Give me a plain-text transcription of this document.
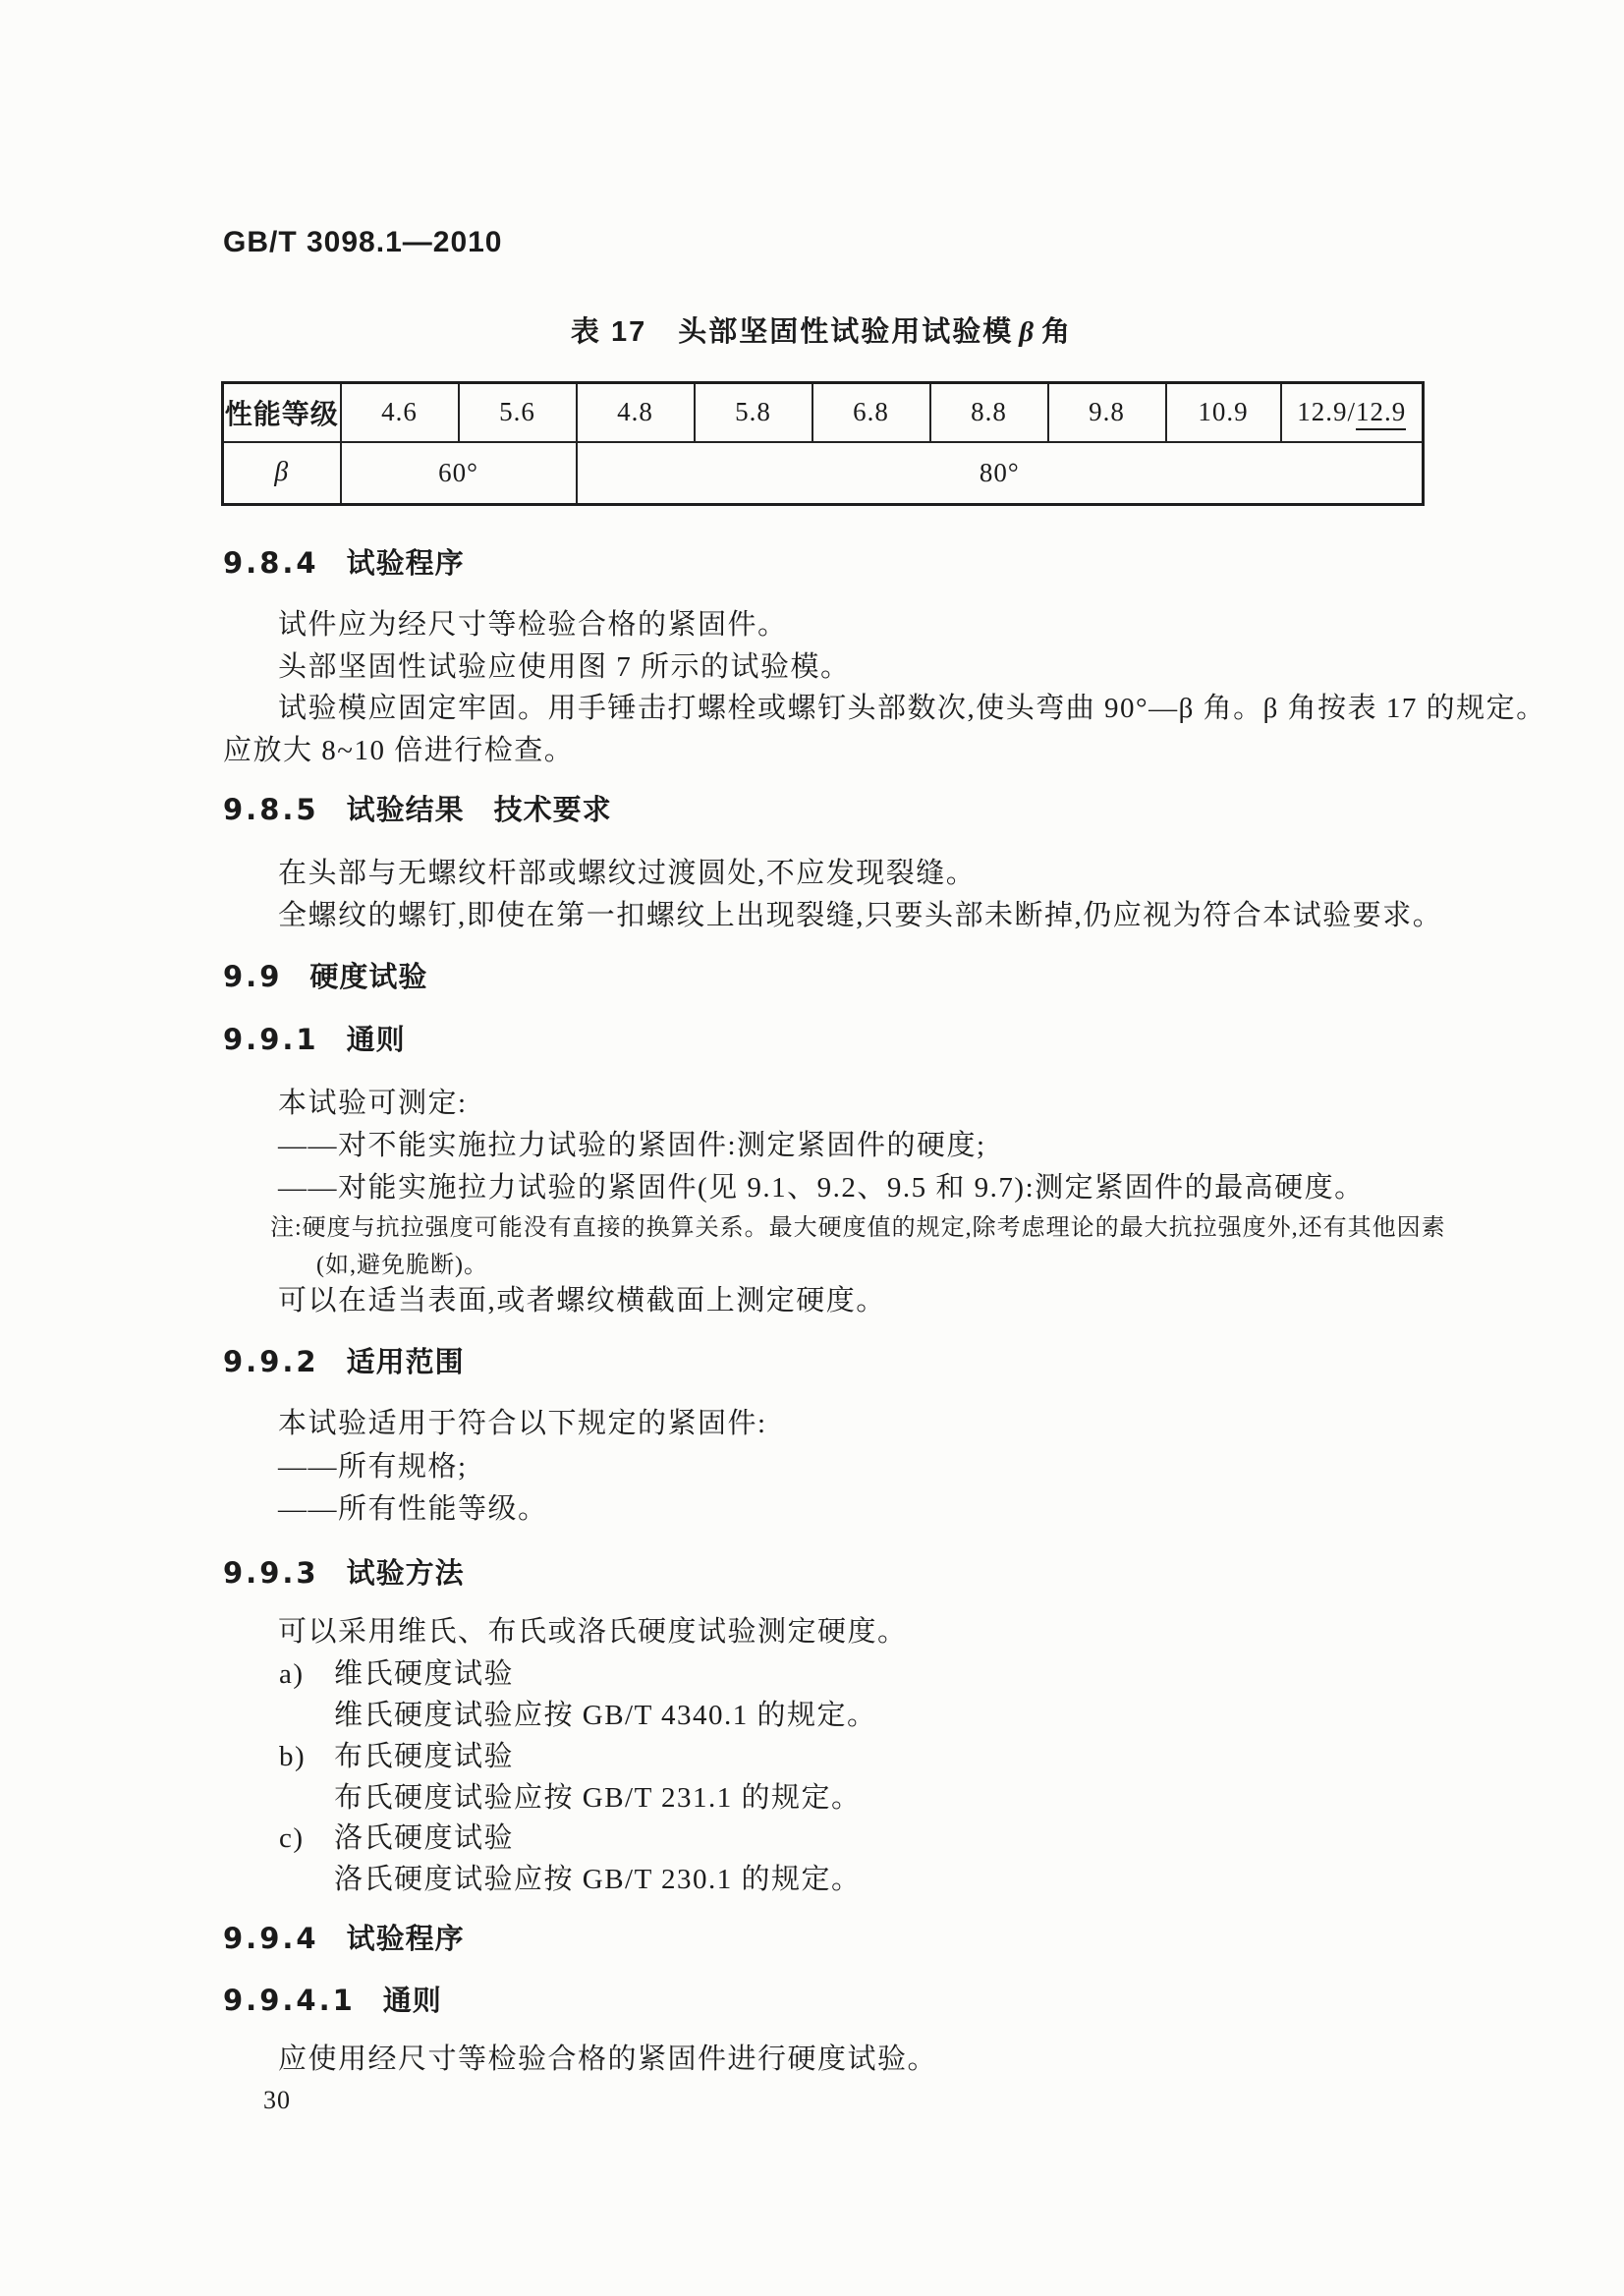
GB/T 3098.1—2010
表 17 头部坚固性试验用试验模 β 角
性能等级	4.6	5.6	4.8	5.8	6.8	8.8	9.8	10.9	12.9/12.9
β	60°		80°						
9.8.4 试验程序
试件应为经尺寸等检验合格的紧固件。
头部坚固性试验应使用图 7 所示的试验模。
试验模应固定牢固。用手锤击打螺栓或螺钉头部数次,使头弯曲 90°—β 角。β 角按表 17 的规定。
应放大 8~10 倍进行检查。
9.8.5 试验结果　技术要求
在头部与无螺纹杆部或螺纹过渡圆处,不应发现裂缝。
全螺纹的螺钉,即使在第一扣螺纹上出现裂缝,只要头部未断掉,仍应视为符合本试验要求。
9.9 硬度试验
9.9.1 通则
本试验可测定:
——对不能实施拉力试验的紧固件:测定紧固件的硬度;
——对能实施拉力试验的紧固件(见 9.1、9.2、9.5 和 9.7):测定紧固件的最高硬度。
注:硬度与抗拉强度可能没有直接的换算关系。最大硬度值的规定,除考虑理论的最大抗拉强度外,还有其他因素
(如,避免脆断)。
可以在适当表面,或者螺纹横截面上测定硬度。
9.9.2 适用范围
本试验适用于符合以下规定的紧固件:
——所有规格;
——所有性能等级。
9.9.3 试验方法
可以采用维氏、布氏或洛氏硬度试验测定硬度。
a) 维氏硬度试验
维氏硬度试验应按 GB/T 4340.1 的规定。
b) 布氏硬度试验
布氏硬度试验应按 GB/T 231.1 的规定。
c) 洛氏硬度试验
洛氏硬度试验应按 GB/T 230.1 的规定。
9.9.4 试验程序
9.9.4.1 通则
应使用经尺寸等检验合格的紧固件进行硬度试验。
30
